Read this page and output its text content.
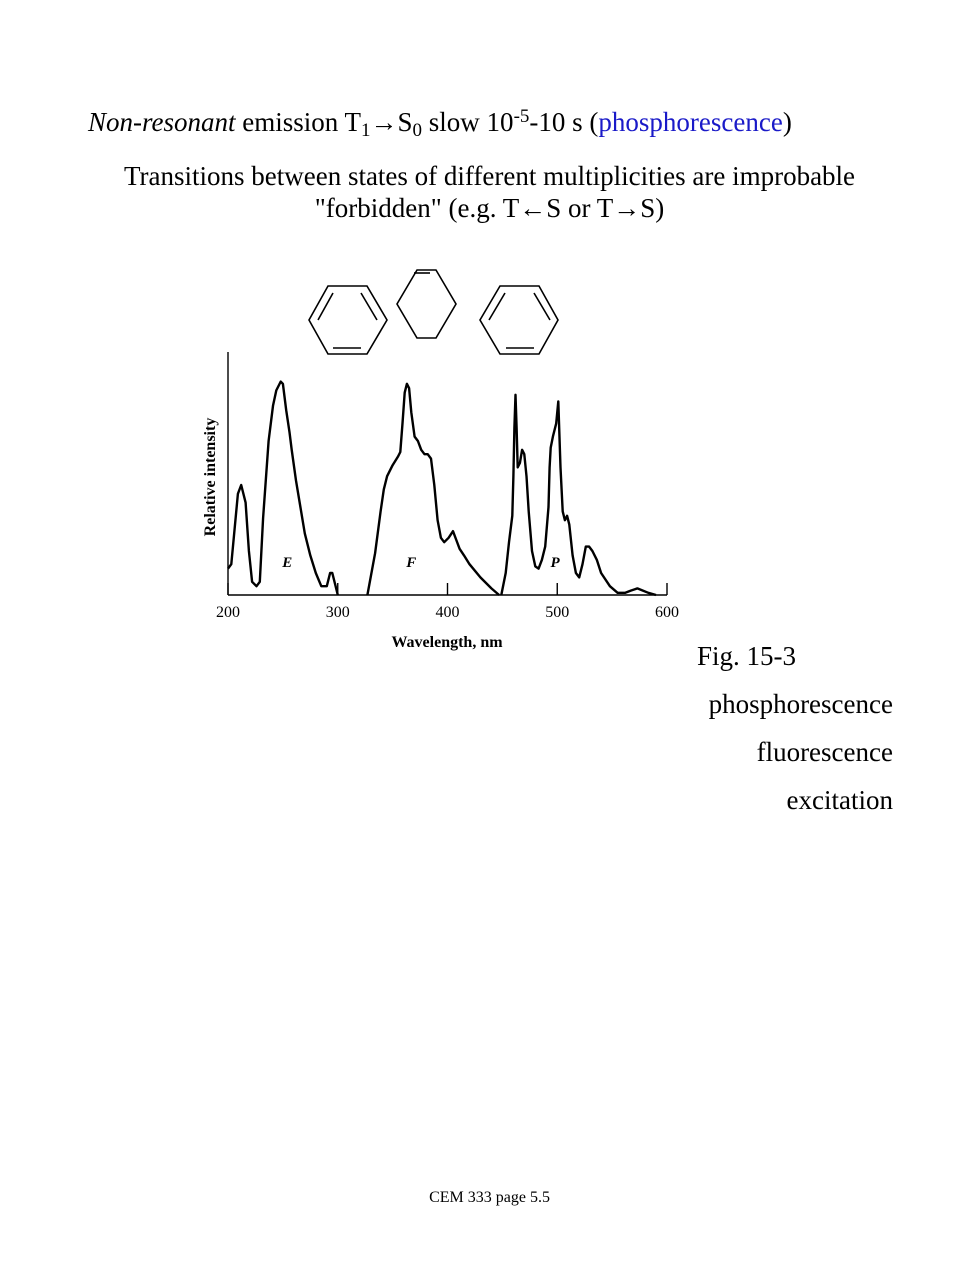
Non-resonant emission $T_1\to S_0$ slow $10^{-5}-10$ s (phosphorescence)
Transitions between states of different multiplicities are improbable
"forbidden" (e.g. T←S or T→S)
200	300	400	500	600
E	F	P
Wavelength, nm
Relative intensity
Fig. 15-3
phosphorescence
fluorescence
excitation
CEM 333 page 5.5
